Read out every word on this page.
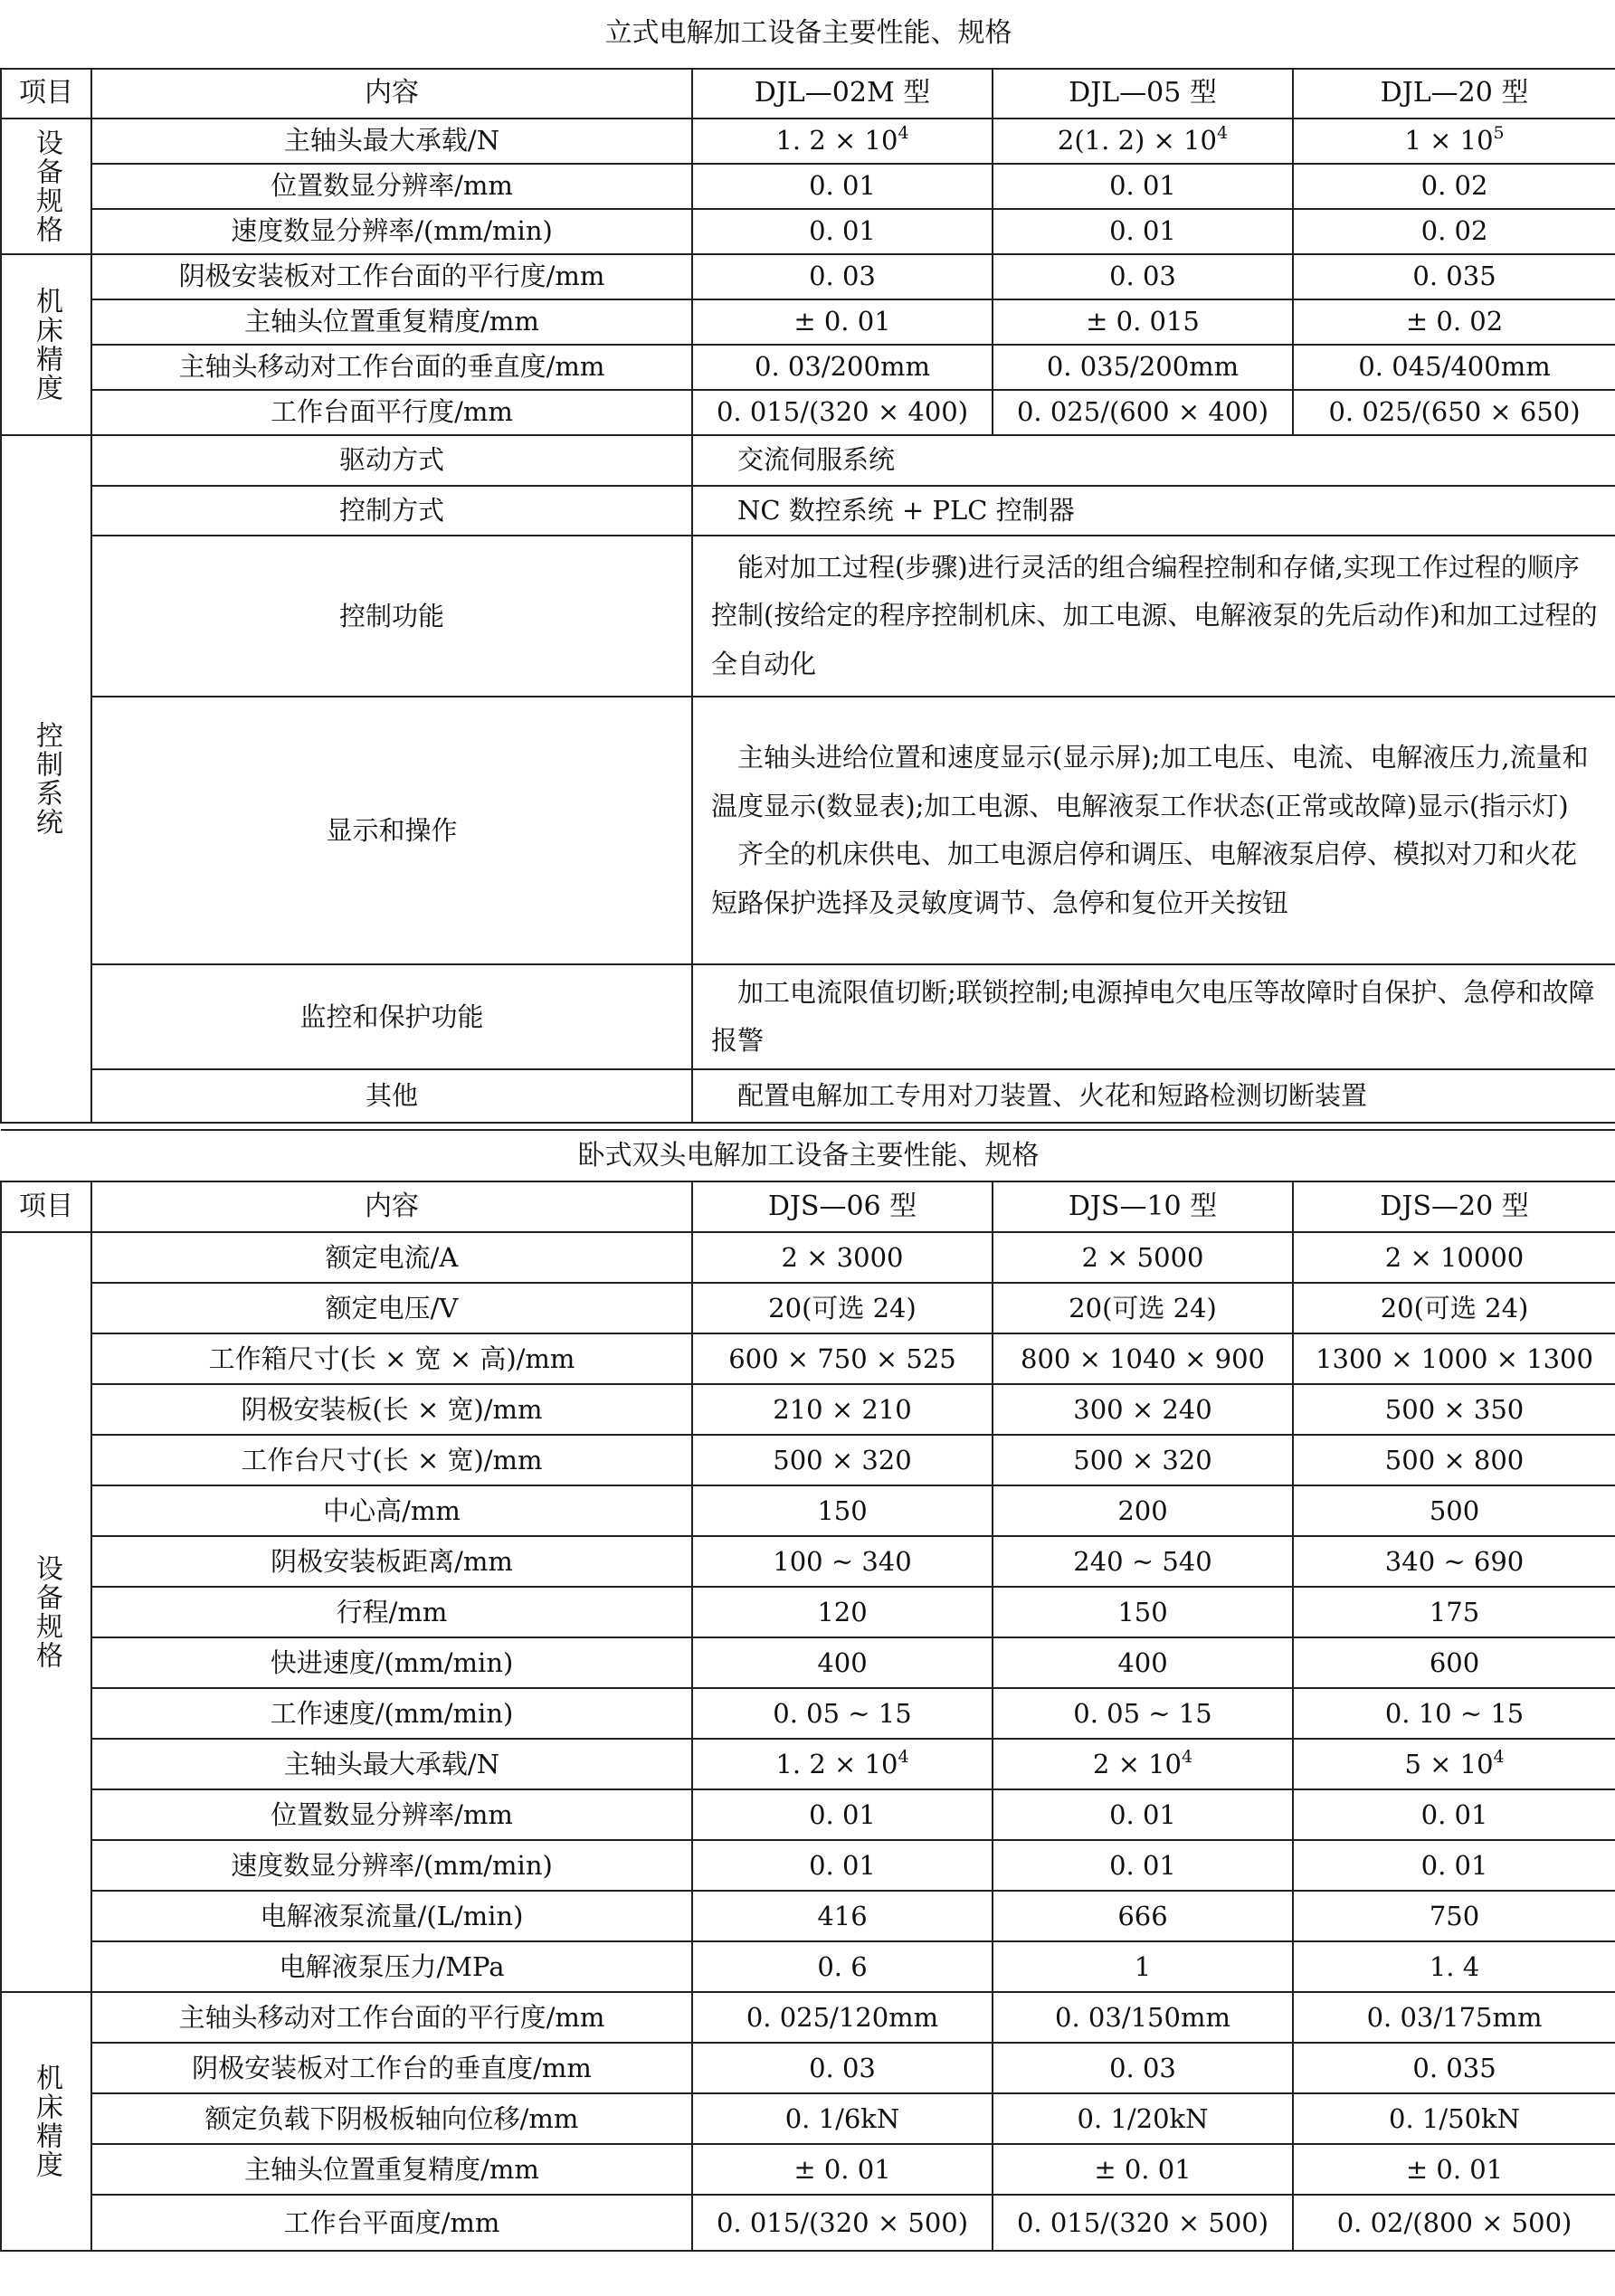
立式电解加工设备主要性能、规格				
项目	内容	DJL—02M 型	DJL—05 型	DJL—20 型

设备规格	主轴头最大承载/N	1. $2 \times 10^4$	2(1. $2) \times 10^4$	$1 \times 10^5$
	位置数显分辨率/mm	0. 01	0. 01	0. 02
	速度数显分辨率/(mm/min)	0. 01	0. 01	0. 02

机床精度	阴极安装板对工作台面的平行度/mm	0. 03	0. 03	0. 035
	主轴头位置重复精度/mm	± 0. 01	± 0. 015	± 0. 02
	主轴头移动对工作台面的垂直度/mm	0. 03/200mm	0. 035/200mm	0. 045/400mm
	工作台面平行度/mm	0. 015/(320 × 400)	0. 025/(600 × 400)	0. 025/(650 × 650)

控制系统	驱动方式	交流伺服系统		

	控制方式	NC 数控系统 + PLC 控制器		

	控制功能	能对加工过程(步骤)进行灵活的组合编程控制和存储,实现工作过程的顺序控制(按给定的程序控制机床、加工电源、电解液泵的先后动作)和加工过程的全自动化		

	显示和操作	主轴头进给位置和速度显示(显示屏);加工电压、电流、电解液压力,流量和温度显示(数显表);加工电源、电解液泵工作状态(正常或故障)显示(指示灯)
齐全的机床供电、加工电源启停和调压、电解液泵启停、模拟对刀和火花短路保护选择及灵敏度调节、急停和复位开关按钮		

	监控和保护功能	加工电流限值切断;联锁控制;电源掉电欠电压等故障时自保护、急停和故障报警		

	其他	配置电解加工专用对刀装置、火花和短路检测切断装置		

卧式双头电解加工设备主要性能、规格				
项目	内容	DJS—06 型	DJS—10 型	DJS—20 型

设备规格	额定电流/A	2 × 3000	2 × 5000	2 × 10000
	额定电压/V	20(可选 24)	20(可选 24)	20(可选 24)
	工作箱尺寸(长 × 宽 × 高)/mm	600 × 750 × 525	800 × 1040 × 900	1300 × 1000 × 1300
	阴极安装板(长 × 宽)/mm	210 × 210	300 × 240	500 × 350
	工作台尺寸(长 × 宽)/mm	500 × 320	500 × 320	500 × 800
	中心高/mm	150	200	500
	阴极安装板距离/mm	100 ~ 340	240 ~ 540	340 ~ 690
	行程/mm	120	150	175
	快进速度/(mm/min)	400	400	600
	工作速度/(mm/min)	0. 05 ~ 15	0. 05 ~ 15	0. 10 ~ 15
	主轴头最大承载/N	1. $2 \times 10^4$	$2 \times 10^4$	$5 \times 10^4$
	位置数显分辨率/mm	0. 01	0. 01	0. 01
	速度数显分辨率/(mm/min)	0. 01	0. 01	0. 01
	电解液泵流量/(L/min)	416	666	750
	电解液泵压力/MPa	0. 6	1	1. 4

机床精度	主轴头移动对工作台面的平行度/mm	0. 025/120mm	0. 03/150mm	0. 03/175mm
	阴极安装板对工作台的垂直度/mm	0. 03	0. 03	0. 035
	额定负载下阴极板轴向位移/mm	0. 1/6kN	0. 1/20kN	0. 1/50kN
	主轴头位置重复精度/mm	± 0. 01	± 0. 01	± 0. 01
	工作台平面度/mm	0. 015/(320 × 500)	0. 015/(320 × 500)	0. 02/(800 × 500)
